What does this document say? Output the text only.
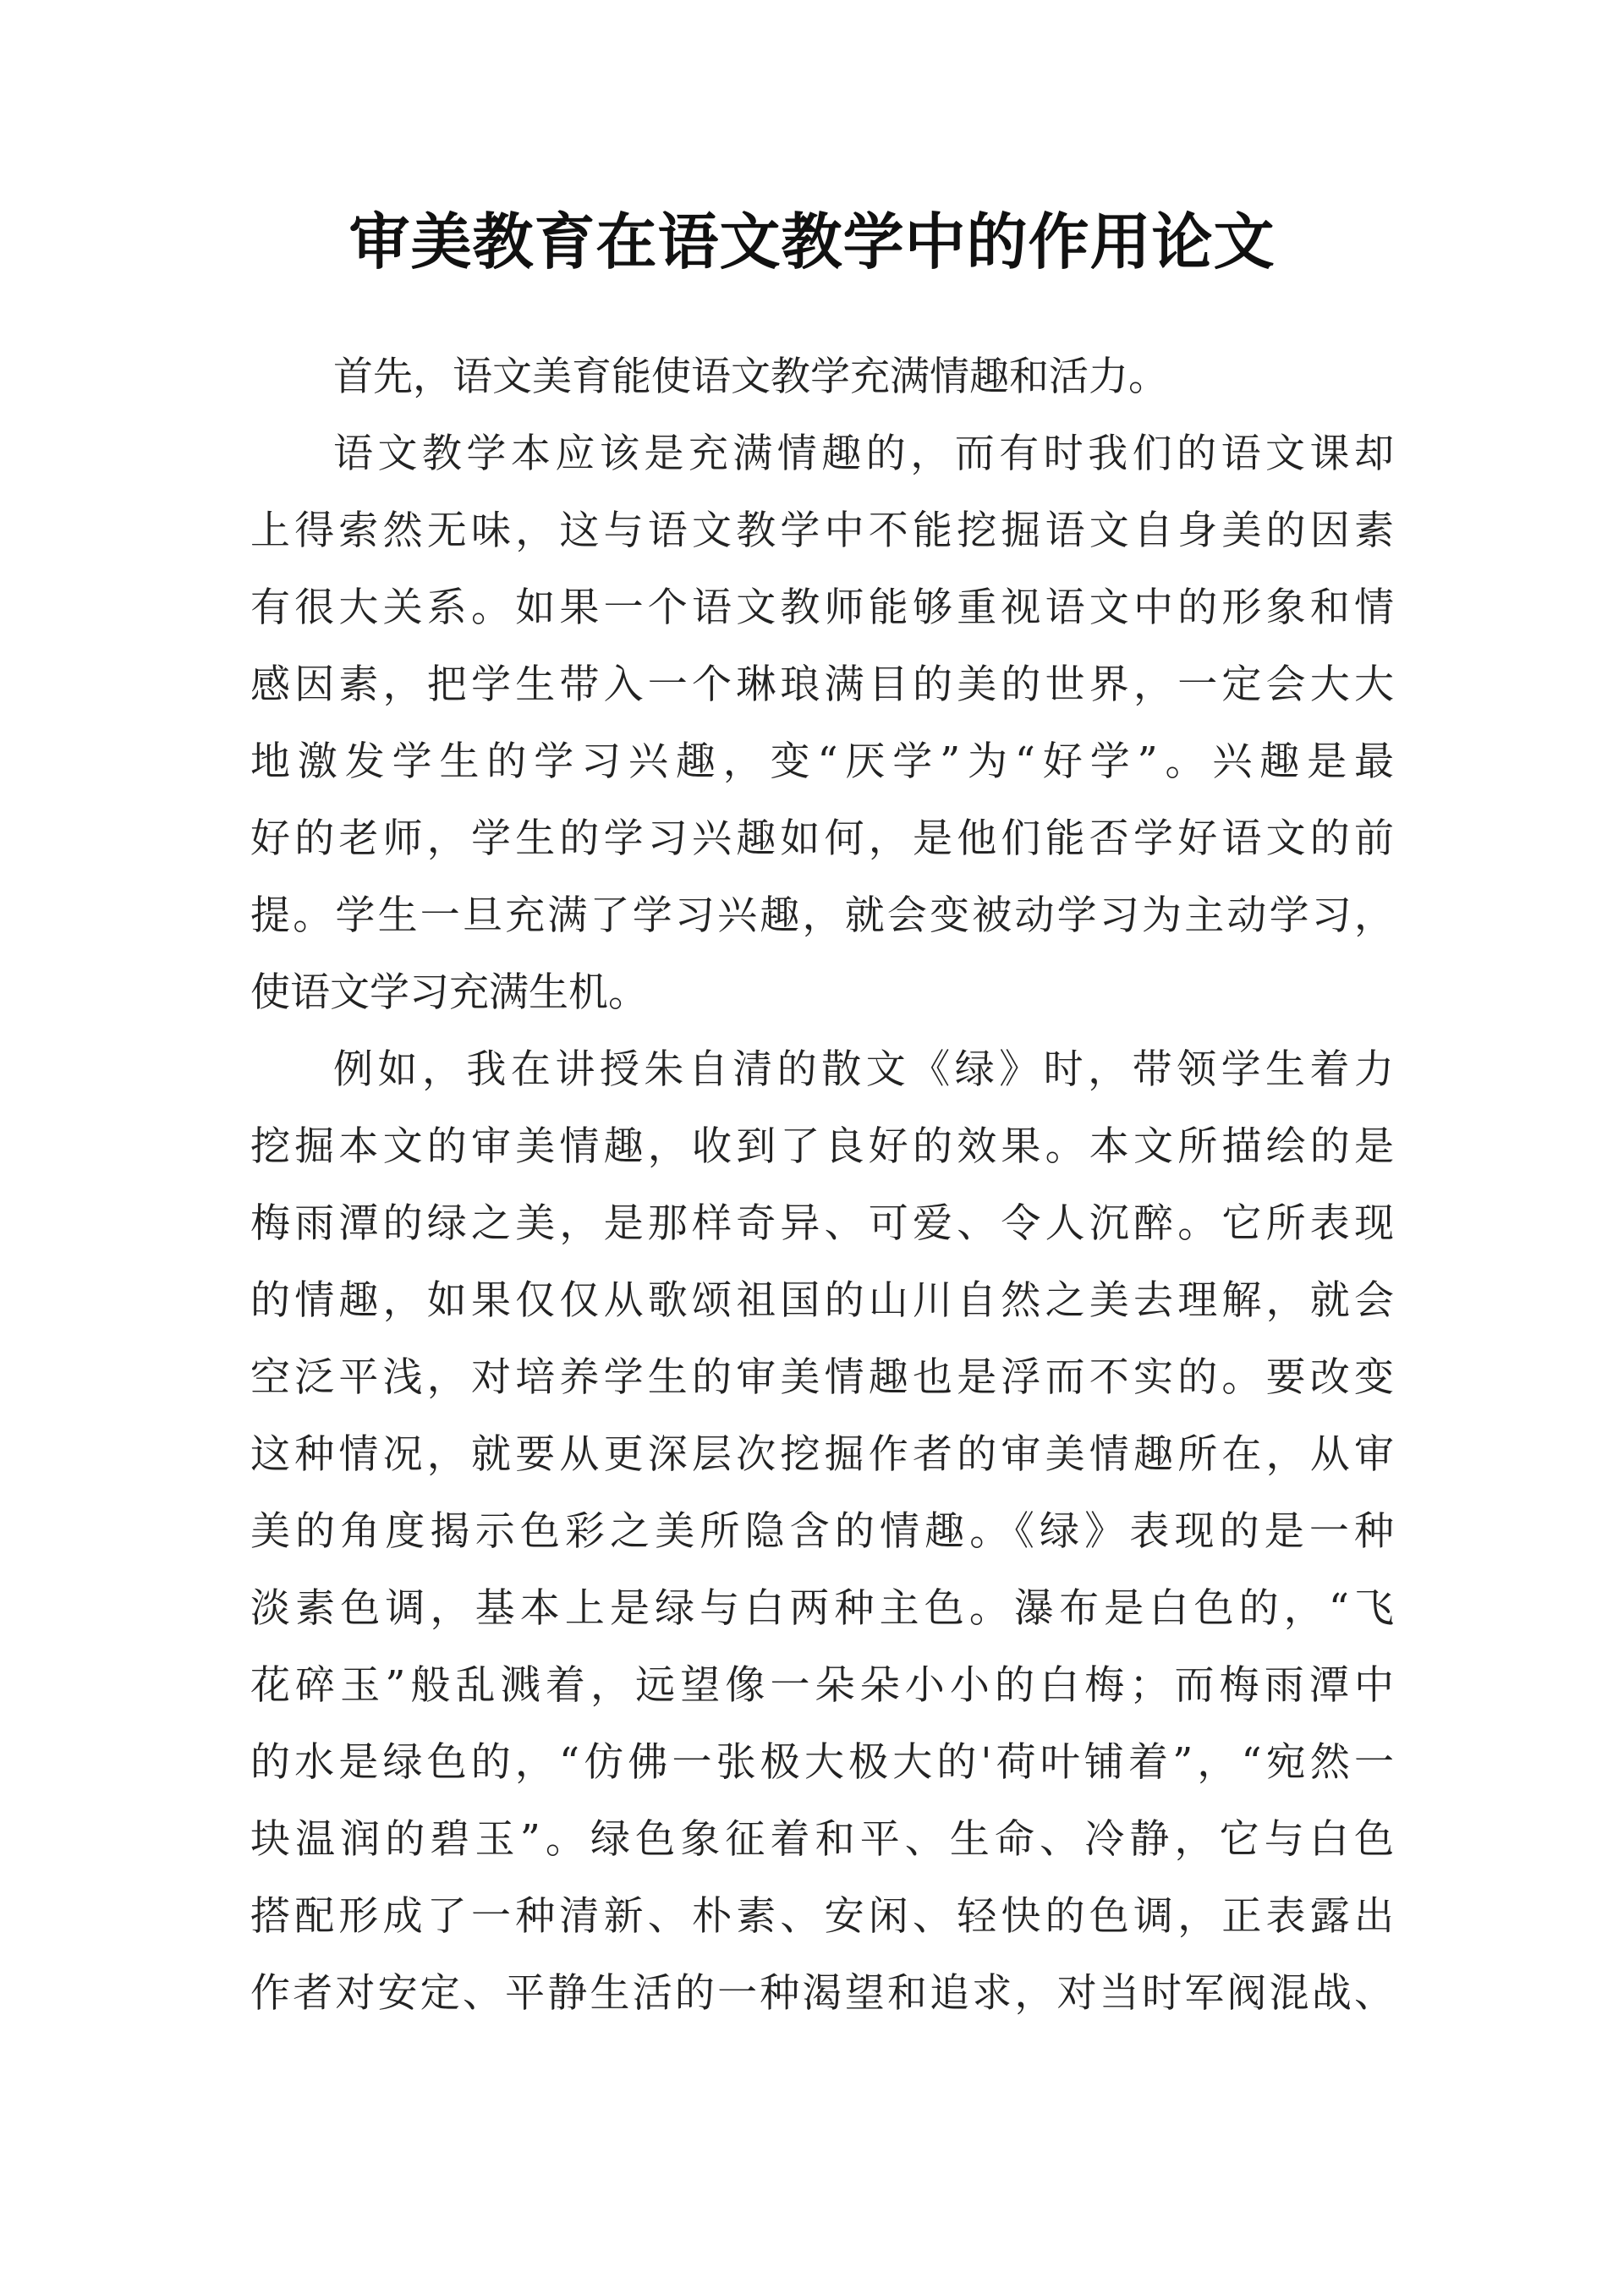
审美教育在语文教学中的作用论文

首先，语文美育能使语文教学充满情趣和活力。

语文教学本应该是充满情趣的，而有时我们的语文课却
上得索然无味，这与语文教学中不能挖掘语文自身美的因素
有很大关系。如果一个语文教师能够重视语文中的形象和情
感因素，把学生带入一个琳琅满目的美的世界，一定会大大
地激发学生的学习兴趣，变“厌学”为“好学”。兴趣是最
好的老师，学生的学习兴趣如何，是他们能否学好语文的前
提。学生一旦充满了学习兴趣，就会变被动学习为主动学习，
使语文学习充满生机。

例如，我在讲授朱自清的散文《绿》时，带领学生着力
挖掘本文的审美情趣，收到了良好的效果。本文所描绘的是
梅雨潭的绿之美，是那样奇异、可爱、令人沉醉。它所表现
的情趣，如果仅仅从歌颂祖国的山川自然之美去理解，就会
空泛平浅，对培养学生的审美情趣也是浮而不实的。要改变
这种情况，就要从更深层次挖掘作者的审美情趣所在，从审
美的角度揭示色彩之美所隐含的情趣。《绿》表现的是一种
淡素色调，基本上是绿与白两种主色。瀑布是白色的，“飞
花碎玉”般乱溅着，远望像一朵朵小小的白梅；而梅雨潭中
的水是绿色的，“仿佛一张极大极大的'荷叶铺着”，“宛然一
块温润的碧玉”。绿色象征着和平、生命、冷静，它与白色
搭配形成了一种清新、朴素、安闲、轻快的色调，正表露出
作者对安定、平静生活的一种渴望和追求，对当时军阀混战、
